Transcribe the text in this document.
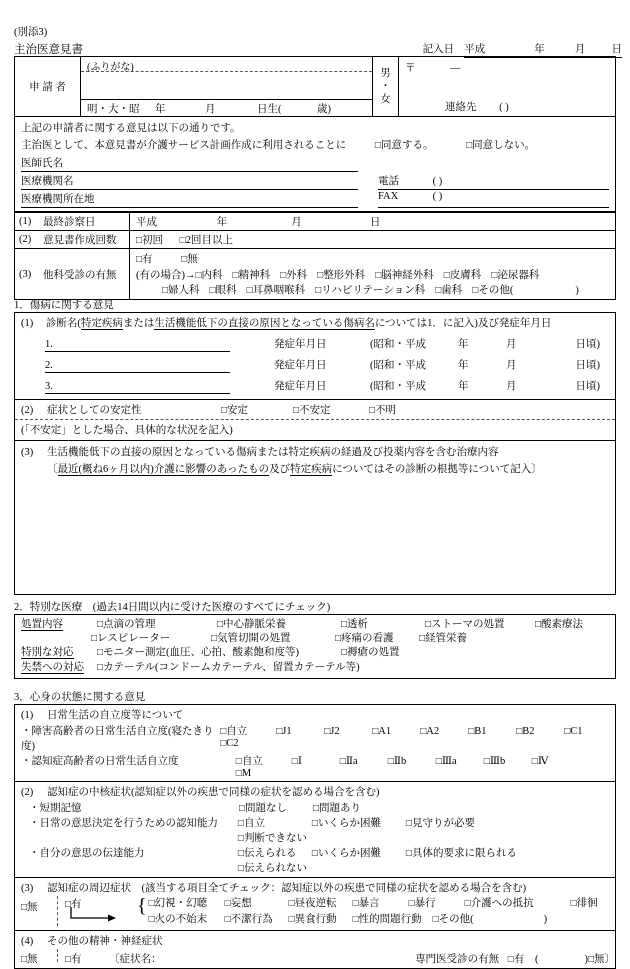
(別添3)
主治医意見書	記入日 平成	年	月 日
申 請 者
(ふりがな)
明・大・昭	年	月	日生(	歳)
男
・
女
〒	—
連絡先 ( )
上記の申請者に関する意見は以下の通りです。
主治医として、本意見書が介護サービス計画作成に利用されることに	□ 同意する。	□ 同意しない。
医師氏名
医療機関名	電話	( )
医療機関所在地	FAX	( )
(1)	最終診察日	平成	年	月	日
(2)	意見書作成回数	□ 初回 □ 2回目以上
(3)	他科受診の有無
□ 有	□ 無
(有の場合)→ □ 内科 □ 精神科 □ 外科 □ 整形外科 □ 脳神経外科 □ 皮膚科 □ 泌尿器科
□ 婦人科 □ 眼科 □ 耳鼻咽喉科 □ リハビリテーション科 □ 歯科 □ その他(	)
1．傷病に関する意見
(1) 診断名(特定疾病または生活機能低下の直接の原因となっている傷病名については1．に記入)及び発症年月日
1.	発症年月日	(昭和・平成	年	月	日頃)
2.	発症年月日	(昭和・平成	年	月	日頃)
3.	発症年月日	(昭和・平成	年	月	日頃)
(2) 症状としての安定性	□ 安定	□ 不安定	□ 不明
(「不安定」とした場合、具体的な状況を記入)
(3) 生活機能低下の直接の原因となっている傷病または特定疾病の経過及び投薬内容を含む治療内容
〔最近(概ね6ヶ月以内)介護に影響のあったもの及び特定疾病についてはその診断の根拠等について記入〕
2．特別な医療　(過去14日間以内に受けた医療のすべてにチェック)
処置内容	□ 点滴の管理	□ 中心静脈栄養	□ 透析	□ ストーマの処置	□ 酸素療法
□ レスピレーター	□ 気管切開の処置	□ 疼痛の看護	□ 経管栄養
特別な対応	□ モニター測定(血圧、心拍、酸素飽和度等)	□ 褥瘡の処置
失禁への対応	□ カテーテル(コンドームカテーテル、留置カテーテル等)
3．心身の状態に関する意見
(1) 日常生活の自立度等について
・障害高齢者の日常生活自立度(寝たきり度)
□ 自立	□ J1	□ J2	□ A1	□ A2	□ B1	□ B2	□ C1□ C2
・認知症高齢者の日常生活自立度	□ 自立	□ Ⅰ	□ Ⅱa	□ Ⅱb	□ Ⅲa	□ Ⅲb	□ Ⅳ□ M
(2) 認知症の中核症状(認知症以外の疾患で同様の症状を認める場合を含む)
・短期記憶	□ 問題なし	□ 問題あり
・日常の意思決定を行うための認知能力	□ 自立	□ いくらか困難	□ 見守りが必要□ 判断できない
・自分の意思の伝達能力	□ 伝えられる □ いくらか困難	□ 具体的要求に限られる□ 伝えられない
(3) 認知症の周辺症状　(該当する項目全てチェック：認知症以外の疾患で同様の症状を認める場合を含む)
□ 無	□ 有	{ □ 幻視・幻聴 □ 妄想	□ 昼夜逆転 □ 暴言	□ 暴行	□ 介護への抵抗	□ 徘徊
□ 火の不始末 □ 不潔行為 □ 異食行動 □ 性的問題行動 □ その他(	)
(4) その他の精神・神経症状
□ 無	□ 有	〔症状名：	専門医受診の有無 □ 有 (	) □ 無〕
